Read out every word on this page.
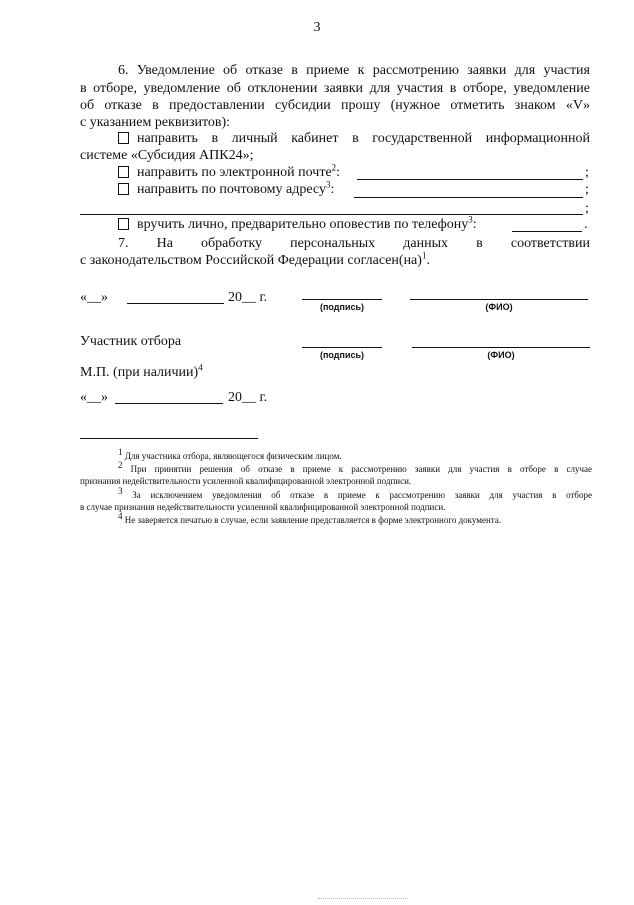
3
6. Уведомление об отказе в приеме к рассмотрению заявки для участия
в отборе, уведомление об отклонении заявки для участия в отборе, уведомление
об отказе в предоставлении субсидии прошу (нужное отметить знаком «V»
с указанием реквизитов):
направить в личный кабинет в государственной информационной
системе «Субсидия АПК24»;
направить по электронной почте$^2$:	;
направить по почтовому адресу$^3$:	;
;
вручить лично, предварительно оповестив по телефону$^3$:	.
7. На обработку персональных данных в соответствии
с законодательством Российской Федерации согласен(на)$^1$.
«__»	20__ г.
(подпись)	(ФИО)
Участник отбора
(подпись)	(ФИО)
М.П. (при наличии)$^4$
«__»	20__ г.
$^1$ Для участника отбора, являющегося физическим лицом.
$^2$ При принятии решения об отказе в приеме к рассмотрению заявки для участия в отборе в случае
признания недействительности усиленной квалифицированной электронной подписи.
$^3$ За исключением уведомления об отказе в приеме к рассмотрению заявки для участия в отборе
в случае признания недействительности усиленной квалифицированной электронной подписи.
$^4$ Не заверяется печатью в случае, если заявление представляется в форме электронного документа.
